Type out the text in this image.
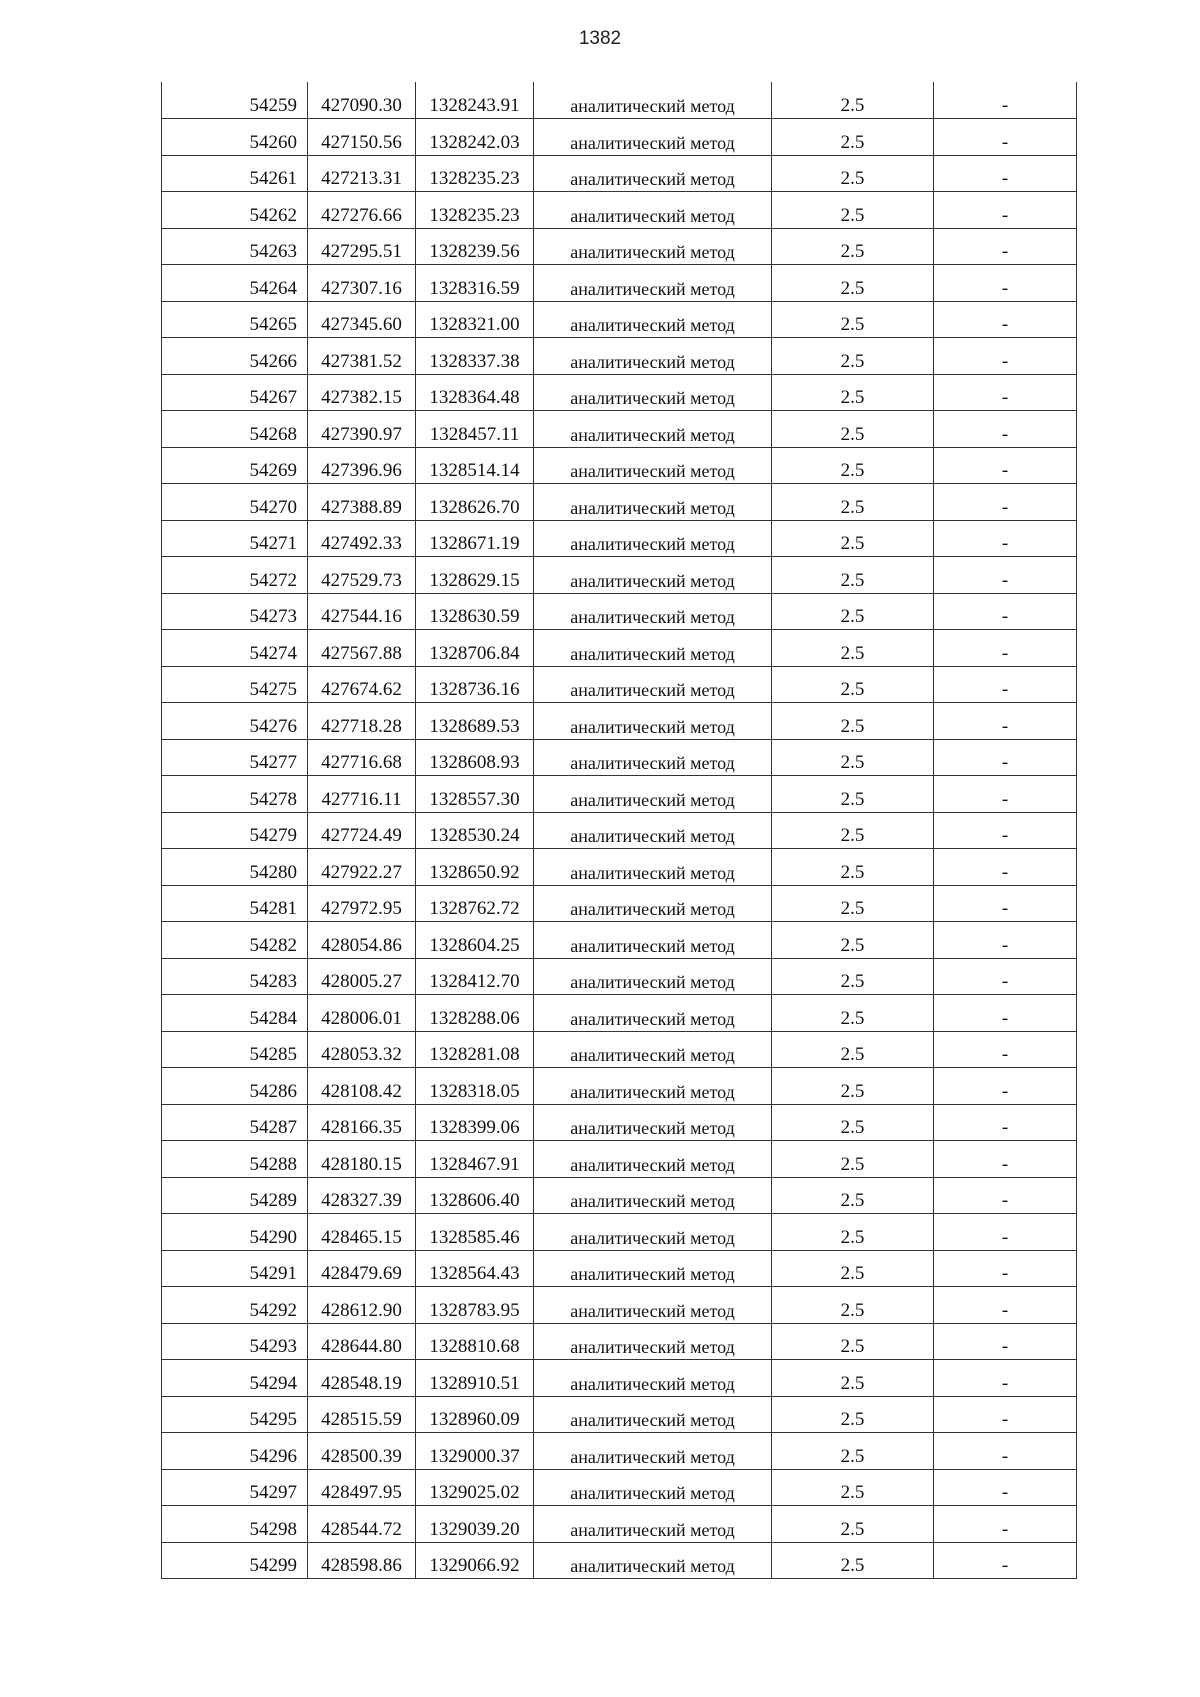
1382
54259	427090.30	1328243.91	аналитический метод	2.5	-
54260	427150.56	1328242.03	аналитический метод	2.5	-
54261	427213.31	1328235.23	аналитический метод	2.5	-
54262	427276.66	1328235.23	аналитический метод	2.5	-
54263	427295.51	1328239.56	аналитический метод	2.5	-
54264	427307.16	1328316.59	аналитический метод	2.5	-
54265	427345.60	1328321.00	аналитический метод	2.5	-
54266	427381.52	1328337.38	аналитический метод	2.5	-
54267	427382.15	1328364.48	аналитический метод	2.5	-
54268	427390.97	1328457.11	аналитический метод	2.5	-
54269	427396.96	1328514.14	аналитический метод	2.5	-
54270	427388.89	1328626.70	аналитический метод	2.5	-
54271	427492.33	1328671.19	аналитический метод	2.5	-
54272	427529.73	1328629.15	аналитический метод	2.5	-
54273	427544.16	1328630.59	аналитический метод	2.5	-
54274	427567.88	1328706.84	аналитический метод	2.5	-
54275	427674.62	1328736.16	аналитический метод	2.5	-
54276	427718.28	1328689.53	аналитический метод	2.5	-
54277	427716.68	1328608.93	аналитический метод	2.5	-
54278	427716.11	1328557.30	аналитический метод	2.5	-
54279	427724.49	1328530.24	аналитический метод	2.5	-
54280	427922.27	1328650.92	аналитический метод	2.5	-
54281	427972.95	1328762.72	аналитический метод	2.5	-
54282	428054.86	1328604.25	аналитический метод	2.5	-
54283	428005.27	1328412.70	аналитический метод	2.5	-
54284	428006.01	1328288.06	аналитический метод	2.5	-
54285	428053.32	1328281.08	аналитический метод	2.5	-
54286	428108.42	1328318.05	аналитический метод	2.5	-
54287	428166.35	1328399.06	аналитический метод	2.5	-
54288	428180.15	1328467.91	аналитический метод	2.5	-
54289	428327.39	1328606.40	аналитический метод	2.5	-
54290	428465.15	1328585.46	аналитический метод	2.5	-
54291	428479.69	1328564.43	аналитический метод	2.5	-
54292	428612.90	1328783.95	аналитический метод	2.5	-
54293	428644.80	1328810.68	аналитический метод	2.5	-
54294	428548.19	1328910.51	аналитический метод	2.5	-
54295	428515.59	1328960.09	аналитический метод	2.5	-
54296	428500.39	1329000.37	аналитический метод	2.5	-
54297	428497.95	1329025.02	аналитический метод	2.5	-
54298	428544.72	1329039.20	аналитический метод	2.5	-
54299	428598.86	1329066.92	аналитический метод	2.5	-
